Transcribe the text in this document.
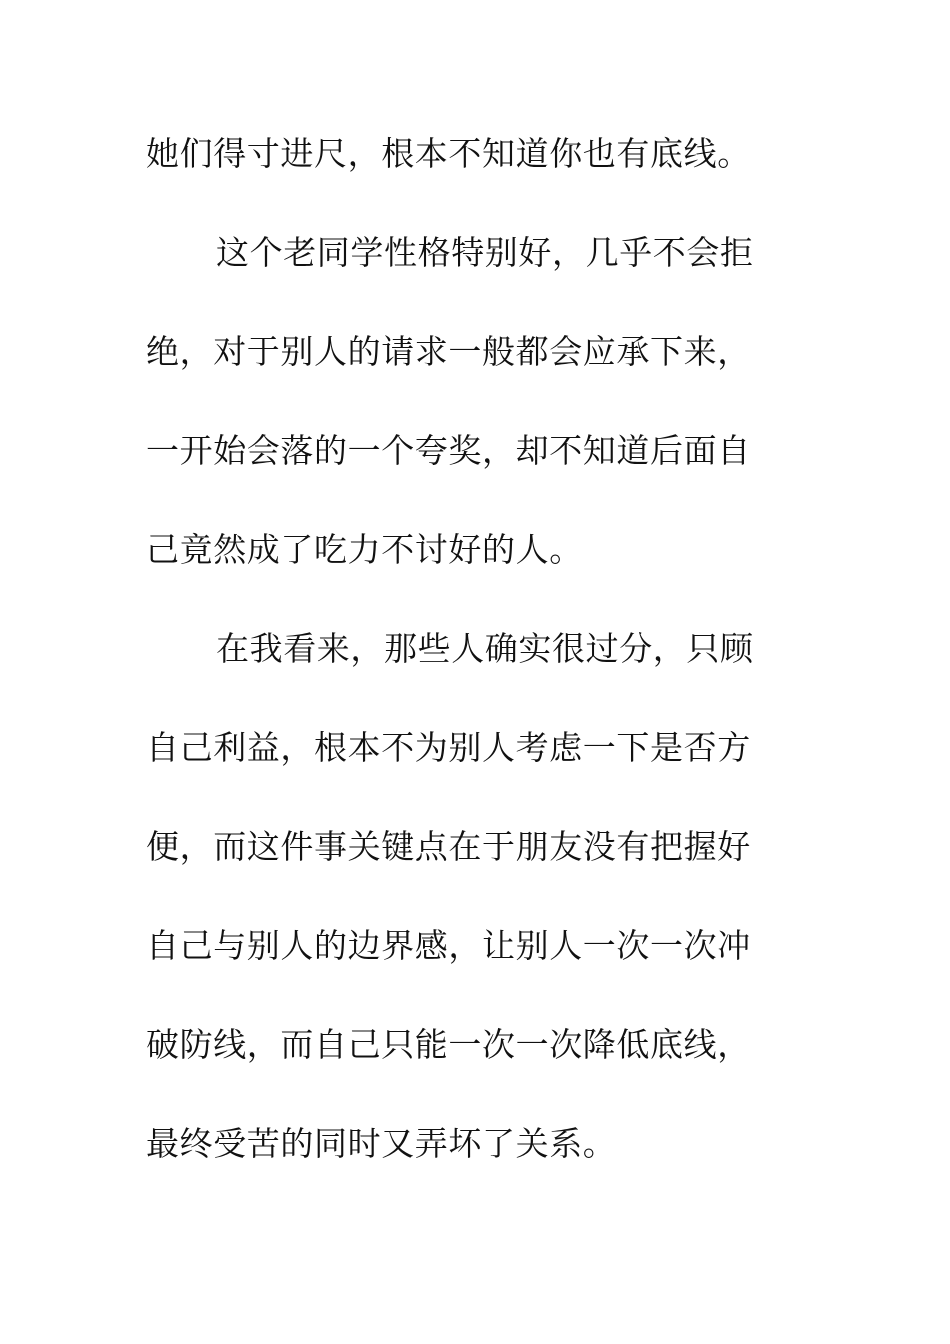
她们得寸进尺，根本不知道你也有底线。
这个老同学性格特别好，几乎不会拒
绝，对于别人的请求一般都会应承下来，
一开始会落的一个夸奖，却不知道后面自
己竟然成了吃力不讨好的人。
在我看来，那些人确实很过分，只顾
自己利益，根本不为别人考虑一下是否方
便，而这件事关键点在于朋友没有把握好
自己与别人的边界感，让别人一次一次冲
破防线，而自己只能一次一次降低底线，
最终受苦的同时又弄坏了关系。
